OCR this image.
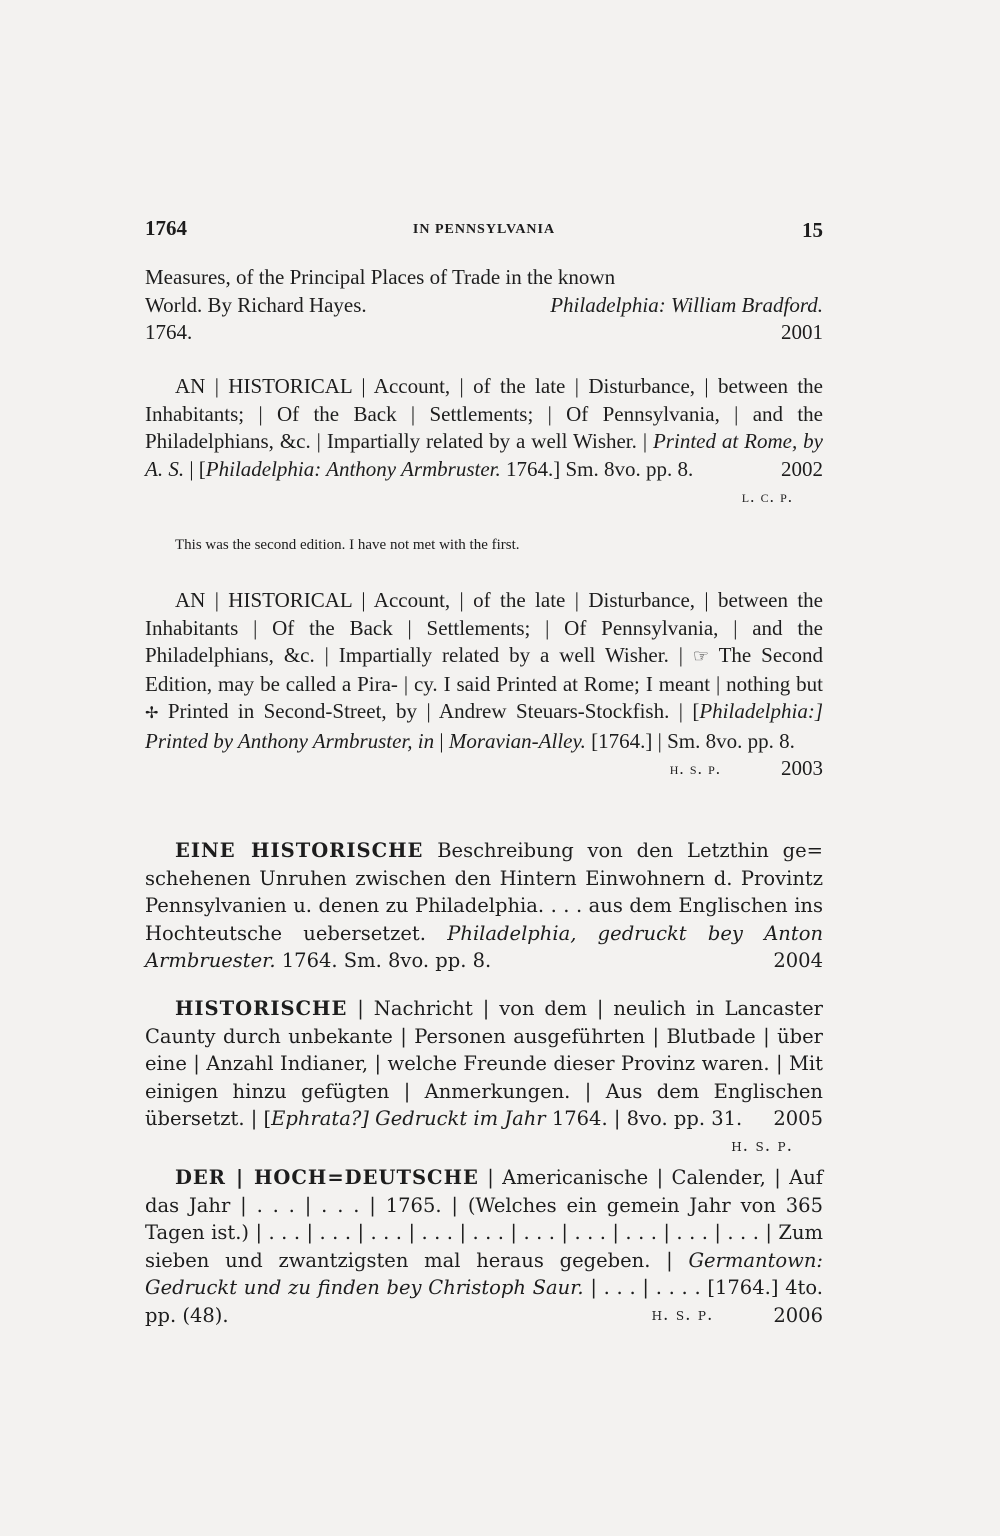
1764	IN PENNSYLVANIA	15
Measures, of the Principal Places of Trade in the known
World. By Richard Hayes.	Philadelphia: William Bradford.
1764.	2001
AN | HISTORICAL | Account, | of the late | Disturbance, | between the Inhabitants; | Of the Back | Settlements; | Of Pennsylvania, | and the Philadelphians, &c. | Impartially related by a well Wisher. | Printed at Rome, by A. S. | [Philadelphia: Anthony Armbruster. 1764.] Sm. 8vo. pp. 8.	2002
l. c. p.
This was the second edition. I have not met with the first.
AN | HISTORICAL | Account, | of the late | Disturbance, | between the Inhabitants | Of the Back | Settlements; | Of Pennsylvania, | and the Philadelphians, &c. | Impartially related by a well Wisher. | ☞ The Second Edition, may be called a Pira- | cy. I said Printed at Rome; I meant | nothing but ✢ Printed in Second-Street, by | Andrew Steuars-Stockfish. | [Philadelphia:] Printed by Anthony Armbruster, in | Moravian-Alley. [1764.] | Sm. 8vo. pp. 8.
2003
h. s. p.
EINE HISTORISCHE Beschreibung von den Letzthin ge= schehenen Unruhen zwischen den Hintern Einwohnern d. Provintz Pennsylvanien u. denen zu Philadelphia. . . . aus dem Englischen ins Hochteutsche uebersetzet. Philadelphia, gedruckt bey Anton Armbruester. 1764. Sm. 8vo. pp. 8.	2004
HISTORISCHE | Nachricht | von dem | neulich in Lancaster Caunty durch unbekante | Personen ausgeführten | Blutbade | über eine | Anzahl Indianer, | welche Freunde dieser Provinz waren. | Mit einigen hinzu gefügten | Anmerkungen. | Aus dem Englischen übersetzt. | [Ephrata?] Gedruckt im Jahr 1764. | 8vo. pp. 31.	2005
h. s. p.
DER | HOCH=DEUTSCHE | Americanische | Calender, | Auf das Jahr | . . . | . . . | 1765. | (Welches ein gemein Jahr von 365 Tagen ist.) | . . . | . . . | . . . | . . . | . . . | . . . | . . . | . . . | . . . | . . . | Zum sieben und zwantzigsten mal heraus gegeben. | Germantown: Gedruckt und zu finden bey Christoph Saur. | . . . | . . . . [1764.] 4to. pp. (48).	2006
h. s. p.
